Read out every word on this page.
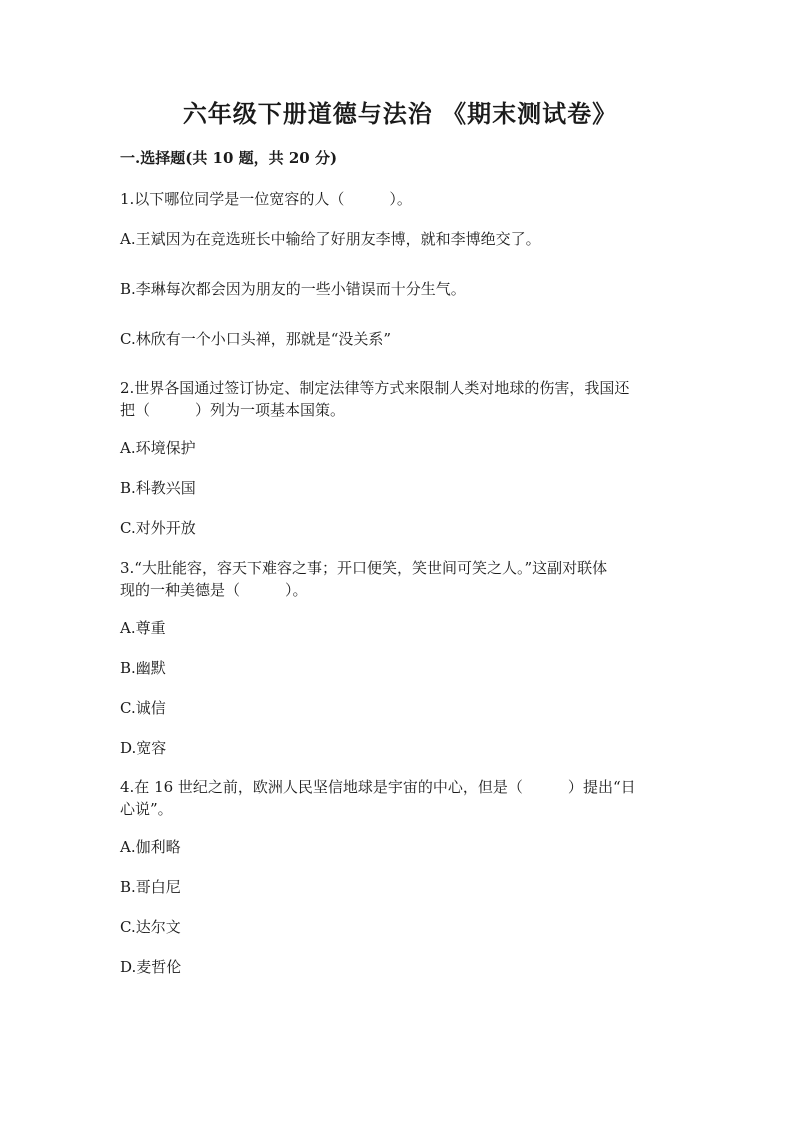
六年级下册道德与法治 《期末测试卷》
一.选择题(共 10 题，共 20 分)
1.以下哪位同学是一位宽容的人（　　　）。
A.王斌因为在竞选班长中输给了好朋友李博，就和李博绝交了。
B.李琳每次都会因为朋友的一些小错误而十分生气。
C.林欣有一个小口头禅，那就是“没关系”
2.世界各国通过签订协定、制定法律等方式来限制人类对地球的伤害，我国还
把（　　　）列为一项基本国策。
A.环境保护
B.科教兴国
C.对外开放
3.“大肚能容，容天下难容之事；开口便笑，笑世间可笑之人。”这副对联体
现的一种美德是（　　　）。
A.尊重
B.幽默
C.诚信
D.宽容
4.在 16 世纪之前，欧洲人民坚信地球是宇宙的中心，但是（　　　）提出“日
心说”。
A.伽利略
B.哥白尼
C.达尔文
D.麦哲伦
